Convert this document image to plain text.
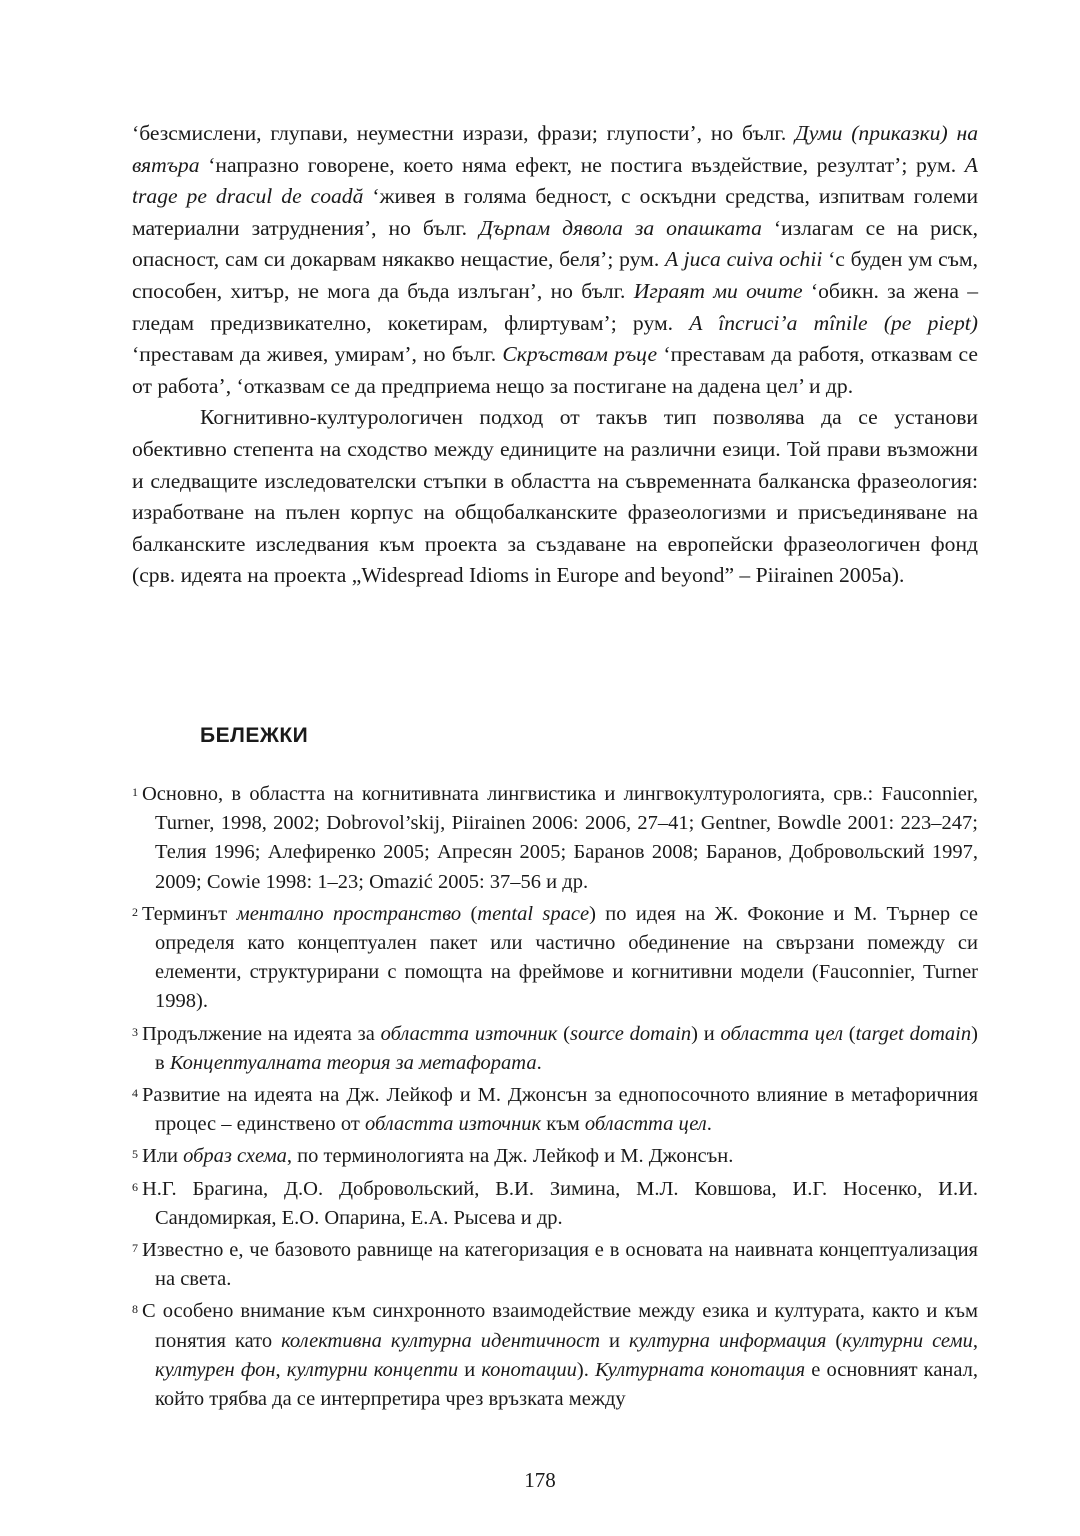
‘безсмислени, глупави, неуместни изрази, фрази; глупости’, но бълг. Думи (приказки) на вятъра ‘напразно говорене, което няма ефект, не постига въздействие, резултат’; рум. A trage pe dracul de coadă ‘живея в голяма бедност, с оскъдни средства, изпитвам големи материални затруднения’, но бълг. Дърпам дявола за опашката ‘излагам се на риск, опасност, сам си докарвам някакво нещастие, беля’; рум. A juca cuiva ochii ‘с буден ум съм, способен, хитър, не мога да бъда излъган’, но бълг. Играят ми очите ‘обикн. за жена – гледам предизвикателно, кокетирам, флиртувам’; рум. A încruci’a mînile (pe piept) ‘преставам да живея, умирам’, но бълг. Скръствам ръце ‘преставам да работя, отказвам се от работа’, ‘отказвам се да предприема нещо за постигане на дадена цел’ и др.

Когнитивно-културологичен подход от такъв тип позволява да се установи обективно степента на сходство между единиците на различни езици. Той прави възможни и следващите изследователски стъпки в областта на съвременната балканска фразеология: изработване на пълен корпус на общобалканските фразеологизми и присъединяване на балканските изследвания към проекта за създаване на европейски фразеологичен фонд (срв. идеята на проекта „Widespread Idioms in Europe and beyond” – Piirainen 2005a).

БЕЛЕЖКИ
$^1$ Основно, в областта на когнитивната лингвистика и лингвокултурологията, срв.: Fauconnier, Turner, 1998, 2002; Dobrovol’skij, Piirainen 2006: 2006, 27–41; Gentner, Bowdle 2001: 223–247; Телия 1996; Алефиренко 2005; Апресян 2005; Баранов 2008; Баранов, Добровольский 1997, 2009; Cowie 1998: 1–23; Omazić 2005: 37–56 и др.
$^2$ Терминът ментално пространство (mental space) по идея на Ж. Фоконие и М. Търнер се определя като концептуален пакет или частично обединение на свързани помежду си елементи, структурирани с помощта на фреймове и когнитивни модели (Fauconnier, Turner 1998).
$^3$ Продължение на идеята за областта източник (source domain) и областта цел (target domain) в Концептуалната теория за метафората.
$^4$ Развитие на идеята на Дж. Лейкоф и М. Джонсън за еднопосочното влияние в метафоричния процес – единствено от областта източник към областта цел.
$^5$ Или образ схема, по терминологията на Дж. Лейкоф и М. Джонсън.
$^6$ Н.Г. Брагина, Д.О. Добровольский, В.И. Зимина, М.Л. Ковшова, И.Г. Носенко, И.И. Сандомиркая, Е.О. Опарина, Е.А. Рысева и др.
$^7$ Известно е, че базовото равнище на категоризация е в основата на наивната концептуализация на света.
$^8$ С особено внимание към синхронното взаимодействие между езика и културата, както и към понятия като колективна културна идентичност и културна информация (културни семи, културен фон, културни концепти и конотации). Културната конотация е основният канал, който трябва да се интерпретира чрез връзката между

178
